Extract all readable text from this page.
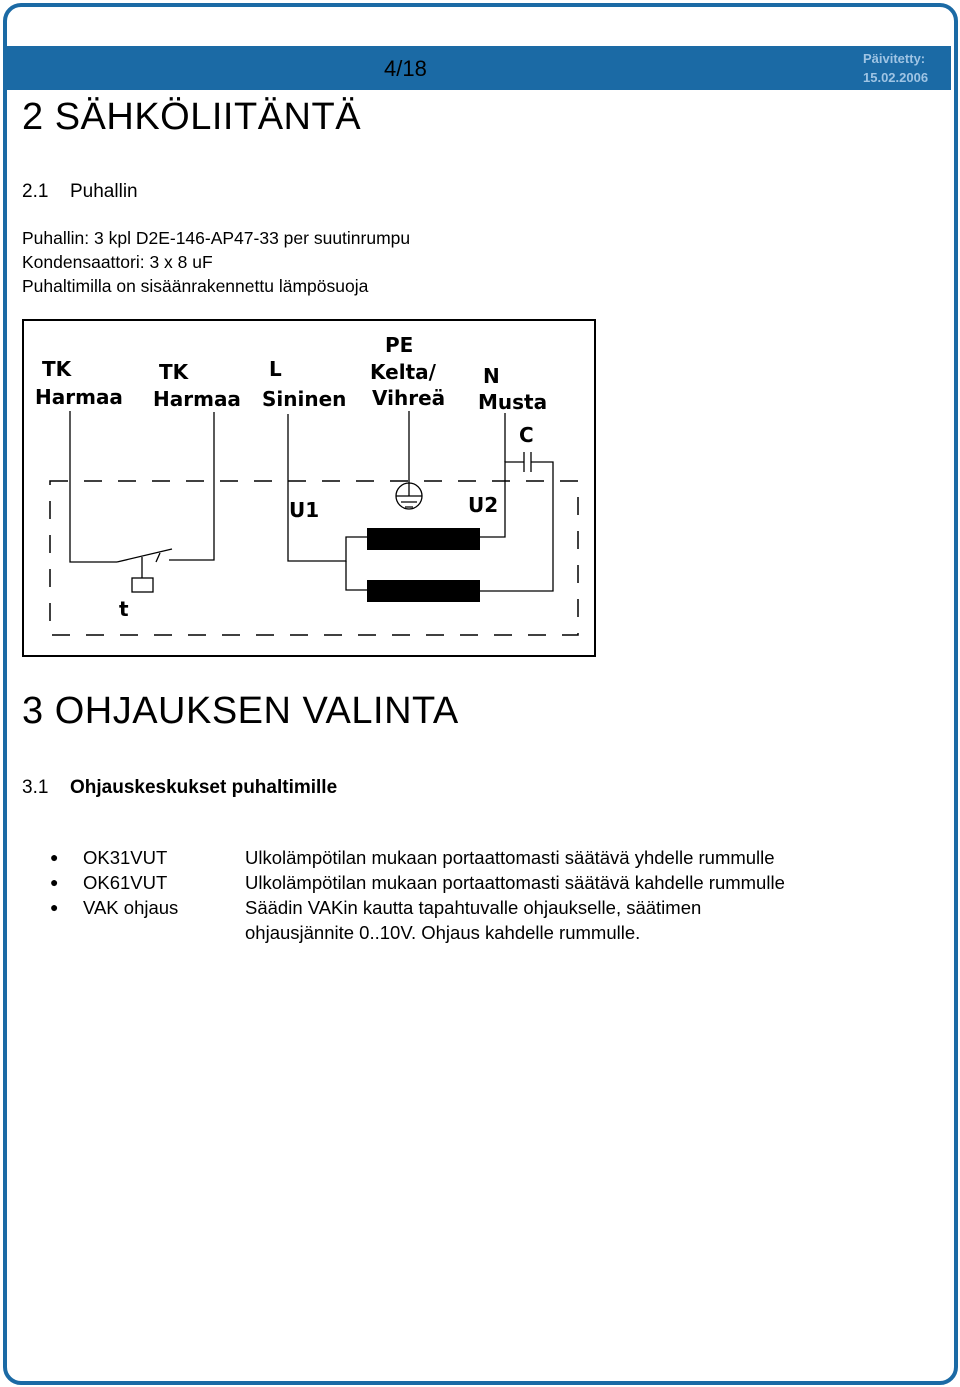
4/18	Päivitetty:
15.02.2006
2 SÄHKÖLIITÄNTÄ
2.1 Puhallin
Puhallin: 3 kpl D2E-146-AP47-33 per suutinrumpu
Kondensaattori: 3 x 8 uF
Puhaltimilla on sisäänrakennettu lämpösuoja
TK
Harmaa
TK
Harmaa
L
Sininen
PE
Kelta/
Vihreä
N
Musta
C
U1	U2
t
3 OHJAUKSEN VALINTA
3.1 Ohjauskeskukset puhaltimille
●	OK31VUT	Ulkolämpötilan mukaan portaattomasti säätävä yhdelle rummulle
●	OK61VUT	Ulkolämpötilan mukaan portaattomasti säätävä kahdelle rummulle
●	VAK ohjaus	Säädin VAKin kautta tapahtuvalle ohjaukselle, säätimen ohjausjännite 0..10V. Ohjaus kahdelle rummulle.
